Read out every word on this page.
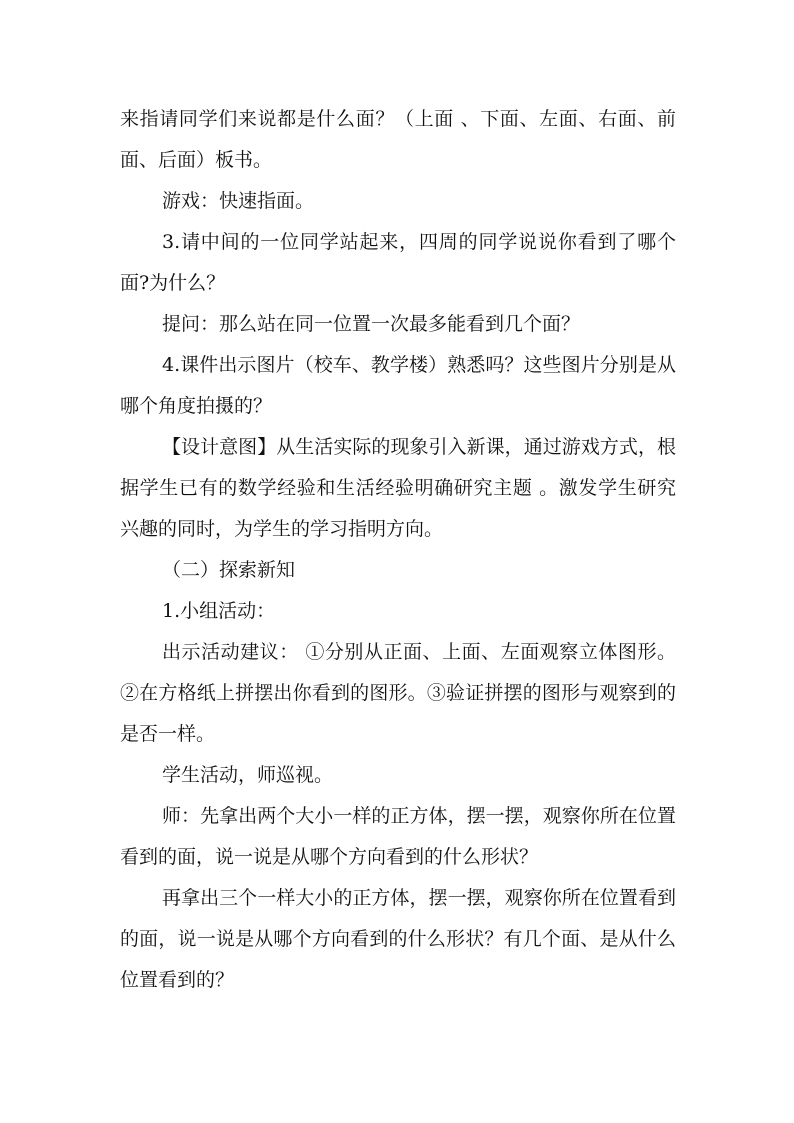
来指请同学们来说都是什么面？（上面 、下面、左面、右面、前面、后面）板书。

游戏：快速指面。

3.请中间的一位同学站起来，四周的同学说说你看到了哪个面?为什么？

提问：那么站在同一位置一次最多能看到几个面？

4.课件出示图片（校车、教学楼）熟悉吗？这些图片分别是从哪个角度拍摄的？

【设计意图】从生活实际的现象引入新课，通过游戏方式，根据学生已有的数学经验和生活经验明确研究主题 。激发学生研究兴趣的同时，为学生的学习指明方向。

（二）探索新知

1.小组活动：

出示活动建议： ①分别从正面、上面、左面观察立体图形。 ②在方格纸上拼摆出你看到的图形。③验证拼摆的图形与观察到的是否一样。

学生活动，师巡视。

师：先拿出两个大小一样的正方体，摆一摆，观察你所在位置看到的面，说一说是从哪个方向看到的什么形状？

再拿出三个一样大小的正方体，摆一摆，观察你所在位置看到的面，说一说是从哪个方向看到的什么形状？有几个面、是从什么位置看到的？
